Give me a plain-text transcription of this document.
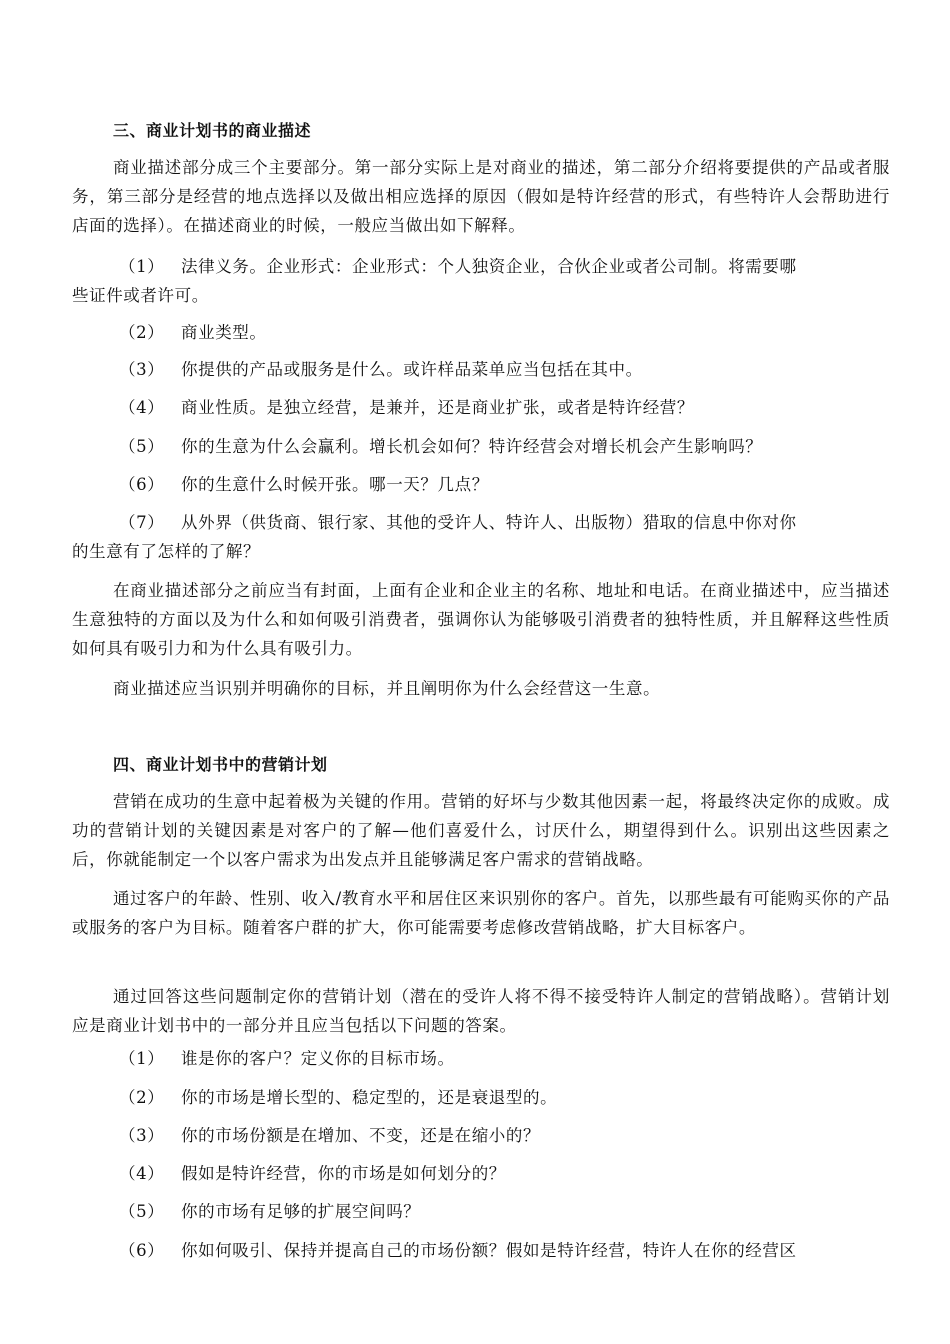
三、商业计划书的商业描述
商业描述部分成三个主要部分。第一部分实际上是对商业的描述，第二部分介绍将要提供的产品或者服务，第三部分是经营的地点选择以及做出相应选择的原因（假如是特许经营的形式，有些特许人会帮助进行店面的选择）。在描述商业的时候，一般应当做出如下解释。
（1） 法律义务。企业形式：企业形式：个人独资企业，合伙企业或者公司制。将需要哪
些证件或者许可。
（2） 商业类型。
（3） 你提供的产品或服务是什么。或许样品菜单应当包括在其中。
（4） 商业性质。是独立经营，是兼并，还是商业扩张，或者是特许经营？
（5） 你的生意为什么会赢利。增长机会如何？特许经营会对增长机会产生影响吗？
（6） 你的生意什么时候开张。哪一天？几点？
（7） 从外界（供货商、银行家、其他的受许人、特许人、出版物）猎取的信息中你对你
的生意有了怎样的了解？
在商业描述部分之前应当有封面，上面有企业和企业主的名称、地址和电话。在商业描述中，应当描述生意独特的方面以及为什么和如何吸引消费者，强调你认为能够吸引消费者的独特性质，并且解释这些性质如何具有吸引力和为什么具有吸引力。
商业描述应当识别并明确你的目标，并且阐明你为什么会经营这一生意。
四、商业计划书中的营销计划
营销在成功的生意中起着极为关键的作用。营销的好坏与少数其他因素一起，将最终决定你的成败。成功的营销计划的关键因素是对客户的了解—他们喜爱什么，讨厌什么，期望得到什么。识别出这些因素之后，你就能制定一个以客户需求为出发点并且能够满足客户需求的营销战略。
通过客户的年龄、性别、收入/教育水平和居住区来识别你的客户。首先，以那些最有可能购买你的产品或服务的客户为目标。随着客户群的扩大，你可能需要考虑修改营销战略，扩大目标客户。
通过回答这些问题制定你的营销计划（潜在的受许人将不得不接受特许人制定的营销战略）。营销计划应是商业计划书中的一部分并且应当包括以下问题的答案。
（1） 谁是你的客户？定义你的目标市场。
（2） 你的市场是增长型的、稳定型的，还是衰退型的。
（3） 你的市场份额是在增加、不变，还是在缩小的？
（4） 假如是特许经营，你的市场是如何划分的？
（5） 你的市场有足够的扩展空间吗？
（6） 你如何吸引、保持并提高自己的市场份额？假如是特许经营，特许人在你的经营区
